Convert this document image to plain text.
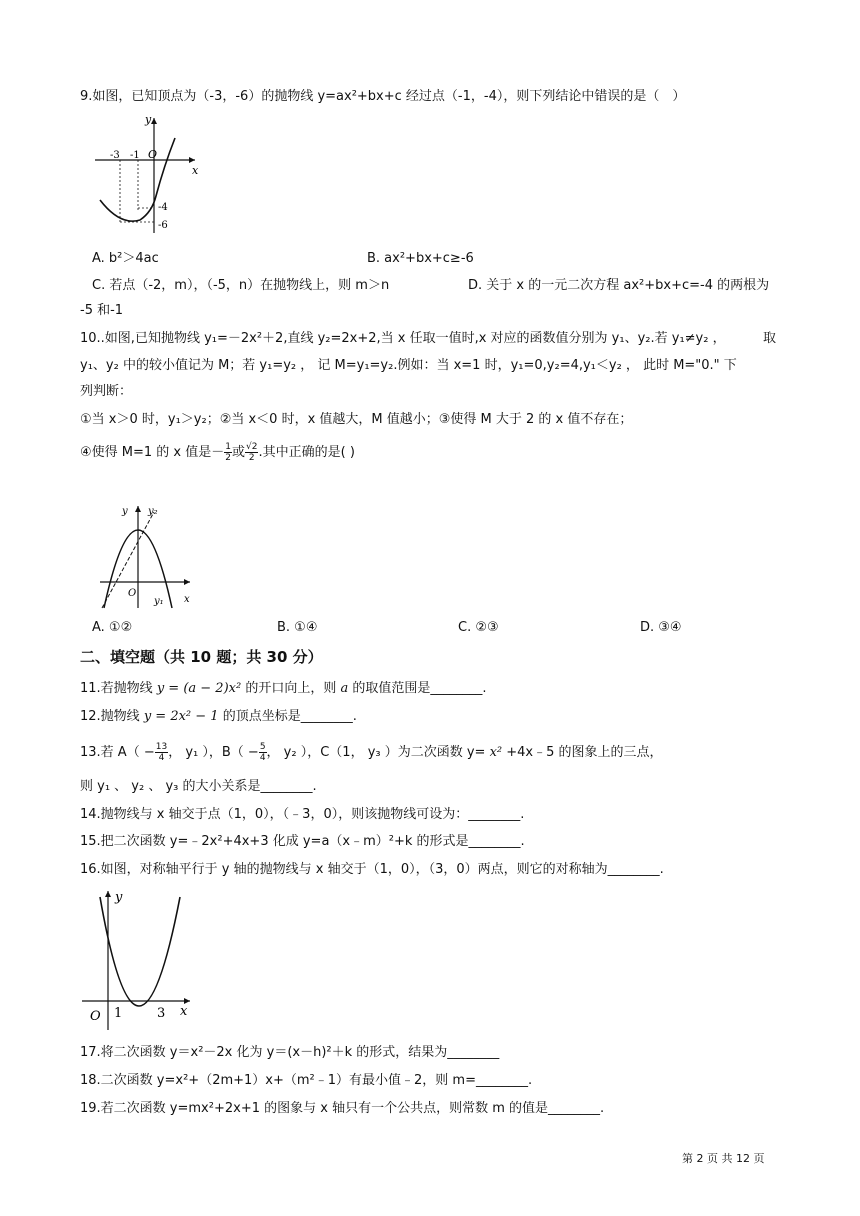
9.如图，已知顶点为（-3，-6）的抛物线 y=ax²+bx+c 经过点（-1，-4），则下列结论中错误的是（　）
y
x
-3 -1 O
-4
-6
A. b²＞4ac	B. ax²+bx+c≥-6
C. 若点（-2，m），（-5，n）在抛物线上，则 m＞n	D. 关于 x 的一元二次方程 ax²+bx+c=-4 的两根为
-5 和-1
10..如图,已知抛物线 y₁=－2x²＋2,直线 y₂=2x+2,当 x 任取一值时,x 对应的函数值分别为 y₁、y₂.若 y₁≠y₂ ，	取
y₁、y₂ 中的较小值记为 M；若 y₁=y₂ ， 记 M=y₁=y₂.例如：当 x=1 时，y₁=0,y₂=4,y₁＜y₂ ， 此时 M="0." 下
列判断：
①当 x＞0 时，y₁＞y₂；②当 x＜0 时，x 值越大，M 值越小；③使得 M 大于 2 的 x 值不存在；
④使得 M=1 的 x 值是－ $\frac{1}{2}$ 或 $\frac{√2}{2}$ .其中正确的是( )
y y₂
x
O
y₁
A. ①②	B. ①④	C. ②③	D. ③④
二、填空题（共 10 题；共 30 分）
11.若抛物线 y = (a − 2)x² 的开口向上，则 a 的取值范围是________.
12.抛物线 y = 2x² − 1 的顶点坐标是________.
13.若 $A( - \frac{13}{4}$ ， y₁ ），$B( - \frac{5}{4}$ ， y₂ ），C（1， y₃ ）为二次函数 y= x² +4x﹣5 的图象上的三点，
则 y₁ 、 y₂ 、 y₃ 的大小关系是________.
14.抛物线与 x 轴交于点（1，0），（﹣3，0），则该抛物线可设为：________.
15.把二次函数 y=﹣2x²+4x+3 化成 y=a（x﹣m）²+k 的形式是________.
16.如图，对称轴平行于 y 轴的抛物线与 x 轴交于（1，0），（3，0）两点，则它的对称轴为________.
y
x
O 1	3
17.将二次函数 y＝x²－2x 化为 y＝(x－h)²＋k 的形式，结果为________
18.二次函数 y=x²+（2m+1）x+（m²﹣1）有最小值﹣2，则 m=________.
19.若二次函数 y=mx²+2x+1 的图象与 x 轴只有一个公共点，则常数 m 的值是________.
第 2 页 共 12 页
